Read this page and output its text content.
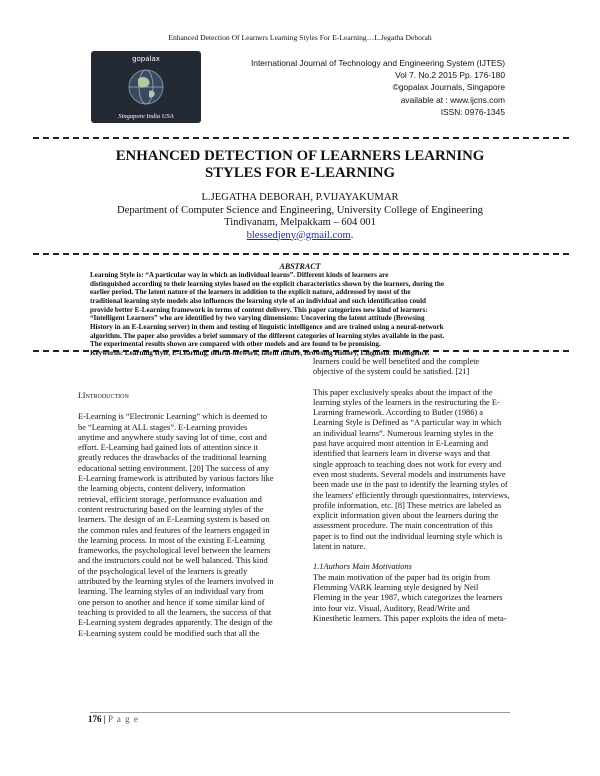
Enhanced Detection Of Learners Learning Styles For E-Learning…L.Jegatha Deborah
gopalax
Singapore India USA
International Journal of Technology and Engineering System (IJTES)
Vol 7. No.2 2015 Pp. 176-180
©gopalax Journals, Singapore
available at : www.ijcns.com
ISSN: 0976-1345
ENHANCED DETECTION OF LEARNERS LEARNING
STYLES FOR E-LEARNING
L.JEGATHA DEBORAH, P.VIJAYAKUMAR
Department of Computer Science and Engineering, University College of Engineering
Tindivanam, Melpakkam – 604 001
blessedjeny@gmail.com.
ABSTRACT
Learning Style is: “A particular way in which an individual learns”. Different kinds of learners are
distinguished according to their learning styles based on the explicit characteristics shown by the learners, during the
earlier period. The latent nature of the learners in addition to the explicit nature, addressed by most of the
traditional learning style models also influences the learning style of an individual and such identification could
provide better E-Learning framework in terms of content delivery. This paper categorizes new kind of learners:
“Intelligent Learners” who are identified by two varying dimensions: Uncovering the latent attitude (Browsing
History in an E-Learning server) in them and testing of linguistic intelligence and are trained using a neural-network
algorithm. The paper also provides a brief summary of the different categories of learning styles available in the past.
The experimental results shown are compared with other models and are found to be promising.
Keywords: Learning style, E-Learning, neural-network, latent nature, Browsing History, Linguistic Intelligence.
I.Introduction
E-Learning is “Electronic Learning” which is deemed to
be “Learning at ALL stages”. E-Learning provides
anytime and anywhere study saving lot of time, cost and
effort. E-Learning had gained lots of attention since it
greatly reduces the drawbacks of the traditional learning
educational setting environment. [20] The success of any
E-Learning framework is attributed by various factors like
the learning objects, content delivery, information
retrieval, efficient storage, performance evaluation and
content restructuring based on the learning styles of the
learners. The design of an E-Learning system is based on
the common rules and features of the learners engaged in
the learning process. In most of the existing E-Learning
frameworks, the psychological level between the learners
and the instructors could not be well balanced. This kind
of the psychological level of the learners is greatly
attributed by the learning styles of the learners involved in
learning. The learning styles of an individual vary from
one person to another and hence if some similar kind of
teaching is provided to all the learners, the success of that
E-Learning system degrades apparently. The design of the
E-Learning system could be modified such that all the
learners could be well benefited and the complete
objective of the system could be satisfied. [21]
This paper exclusively speaks about the impact of the
learning styles of the learners in the restructuring the E-
Learning framework. According to Butler (1986) a
Learning Style is Defined as “A particular way in which
an individual learns”. Numerous learning styles in the
past have acquired most attention in E-Learning and
identified that learners learn in diverse ways and that
single approach to teaching does not work for every and
even most students. Several models and instruments have
been made use in the past to identify the learning styles of
the learners' efficiently through questionnaires, interviews,
profile information, etc. [8] These metrics are labeled as
explicit information given about the learners during the
assessment procedure. The main concentration of this
paper is to find out the individual learning style which is
latent in nature.
1.1Authors Main Motivations
The main motivation of the paper had its origin from
Flemming VARK learning style designed by Neil
Fleming in the year 1987, which categorizes the learners
into four viz. Visual, Auditory, Read/Write and
Kinesthetic learners. This paper exploits the idea of meta-
176 | P a g e
